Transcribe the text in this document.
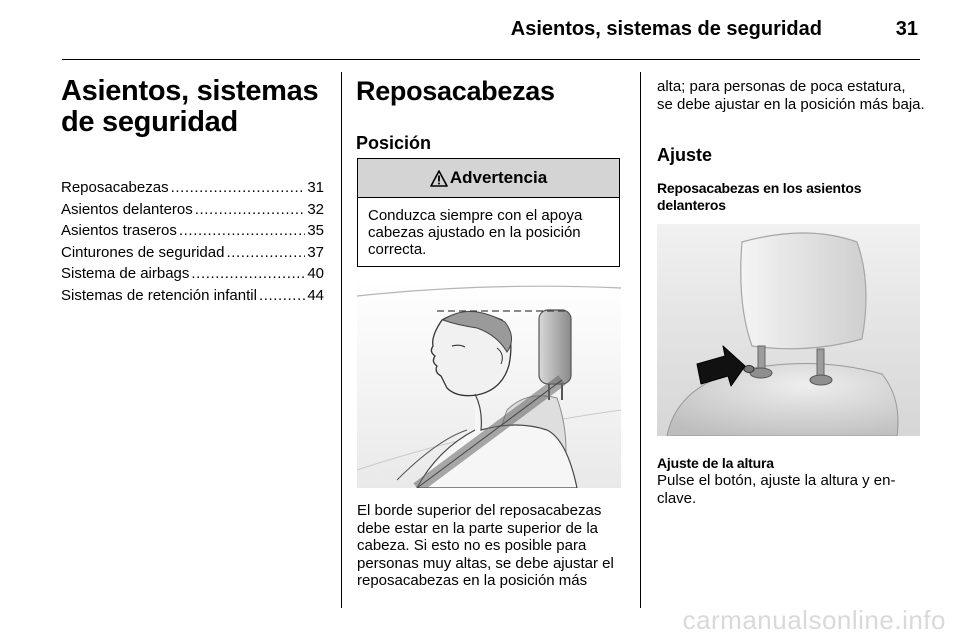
Asientos, sistemas de seguridad	31
Asientos, sistemas de seguridad
Reposacabezas .....	31
Asientos delanteros .....	32
Asientos traseros .....	35
Cinturones de seguridad .....	37
Sistema de airbags .....	40
Sistemas de retención infantil .....	44
Reposacabezas
Posición
Advertencia
Conduzca siempre con el apoya cabezas ajustado en la posición correcta.
El borde superior del reposacabezas debe estar en la parte superior de la cabeza. Si esto no es posible para personas muy altas, se debe ajustar el reposacabezas en la posición más
alta; para personas de poca estatura, se debe ajustar en la posición más baja.
Ajuste
Reposacabezas en los asientos delanteros
Ajuste de la altura
Pulse el botón, ajuste la altura y en- clave.
carmanualsonline.info
